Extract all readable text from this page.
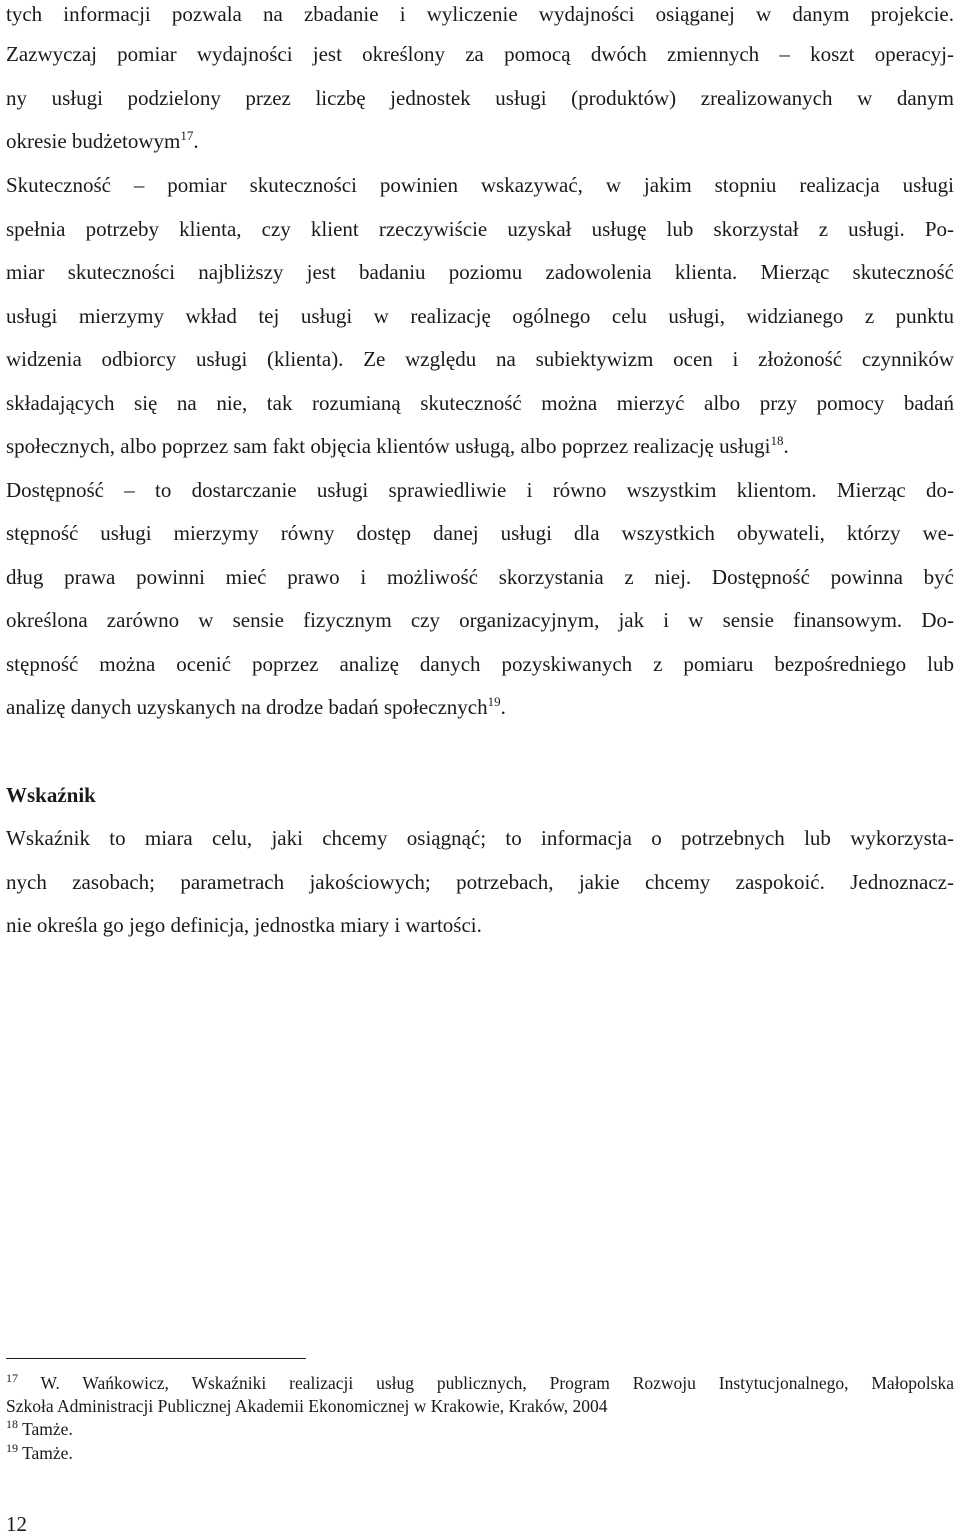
tych informacji pozwala na zbadanie i wyliczenie wydajności osiąganej w danym projekcie.

Zazwyczaj pomiar wydajności jest określony za pomocą dwóch zmiennych – koszt operacyj-

ny usługi podzielony przez liczbę jednostek usługi (produktów) zrealizowanych w danym

okresie budżetowym$^{17}$.

Skuteczność – pomiar skuteczności powinien wskazywać, w jakim stopniu realizacja usługi

spełnia potrzeby klienta, czy klient rzeczywiście uzyskał usługę lub skorzystał z usługi. Po-

miar skuteczności najbliższy jest badaniu poziomu zadowolenia klienta. Mierząc skuteczność

usługi mierzymy wkład tej usługi w realizację ogólnego celu usługi, widzianego z punktu

widzenia odbiorcy usługi (klienta). Ze względu na subiektywizm ocen i złożoność czynników

składających się na nie, tak rozumianą skuteczność można mierzyć albo przy pomocy badań

społecznych, albo poprzez sam fakt objęcia klientów usługą, albo poprzez realizację usługi$^{18}$.

Dostępność – to dostarczanie usługi sprawiedliwie i równo wszystkim klientom. Mierząc do-

stępność usługi mierzymy równy dostęp danej usługi dla wszystkich obywateli, którzy we-

dług prawa powinni mieć prawo i możliwość skorzystania z niej. Dostępność powinna być

określona zarówno w sensie fizycznym czy organizacyjnym, jak i w sensie finansowym. Do-

stępność można ocenić poprzez analizę danych pozyskiwanych z pomiaru bezpośredniego lub

analizę danych uzyskanych na drodze badań społecznych$^{19}$.

Wskaźnik

Wskaźnik to miara celu, jaki chcemy osiągnąć; to informacja o potrzebnych lub wykorzysta-

nych zasobach; parametrach jakościowych; potrzebach, jakie chcemy zaspokoić. Jednoznacz-

nie określa go jego definicja, jednostka miary i wartości.

$^{17}$ W. Wańkowicz, Wskaźniki realizacji usług publicznych, Program Rozwoju Instytucjonalnego, Małopolska

Szkoła Administracji Publicznej Akademii Ekonomicznej w Krakowie, Kraków, 2004

$^{18}$ Tamże.

$^{19}$ Tamże.

12
